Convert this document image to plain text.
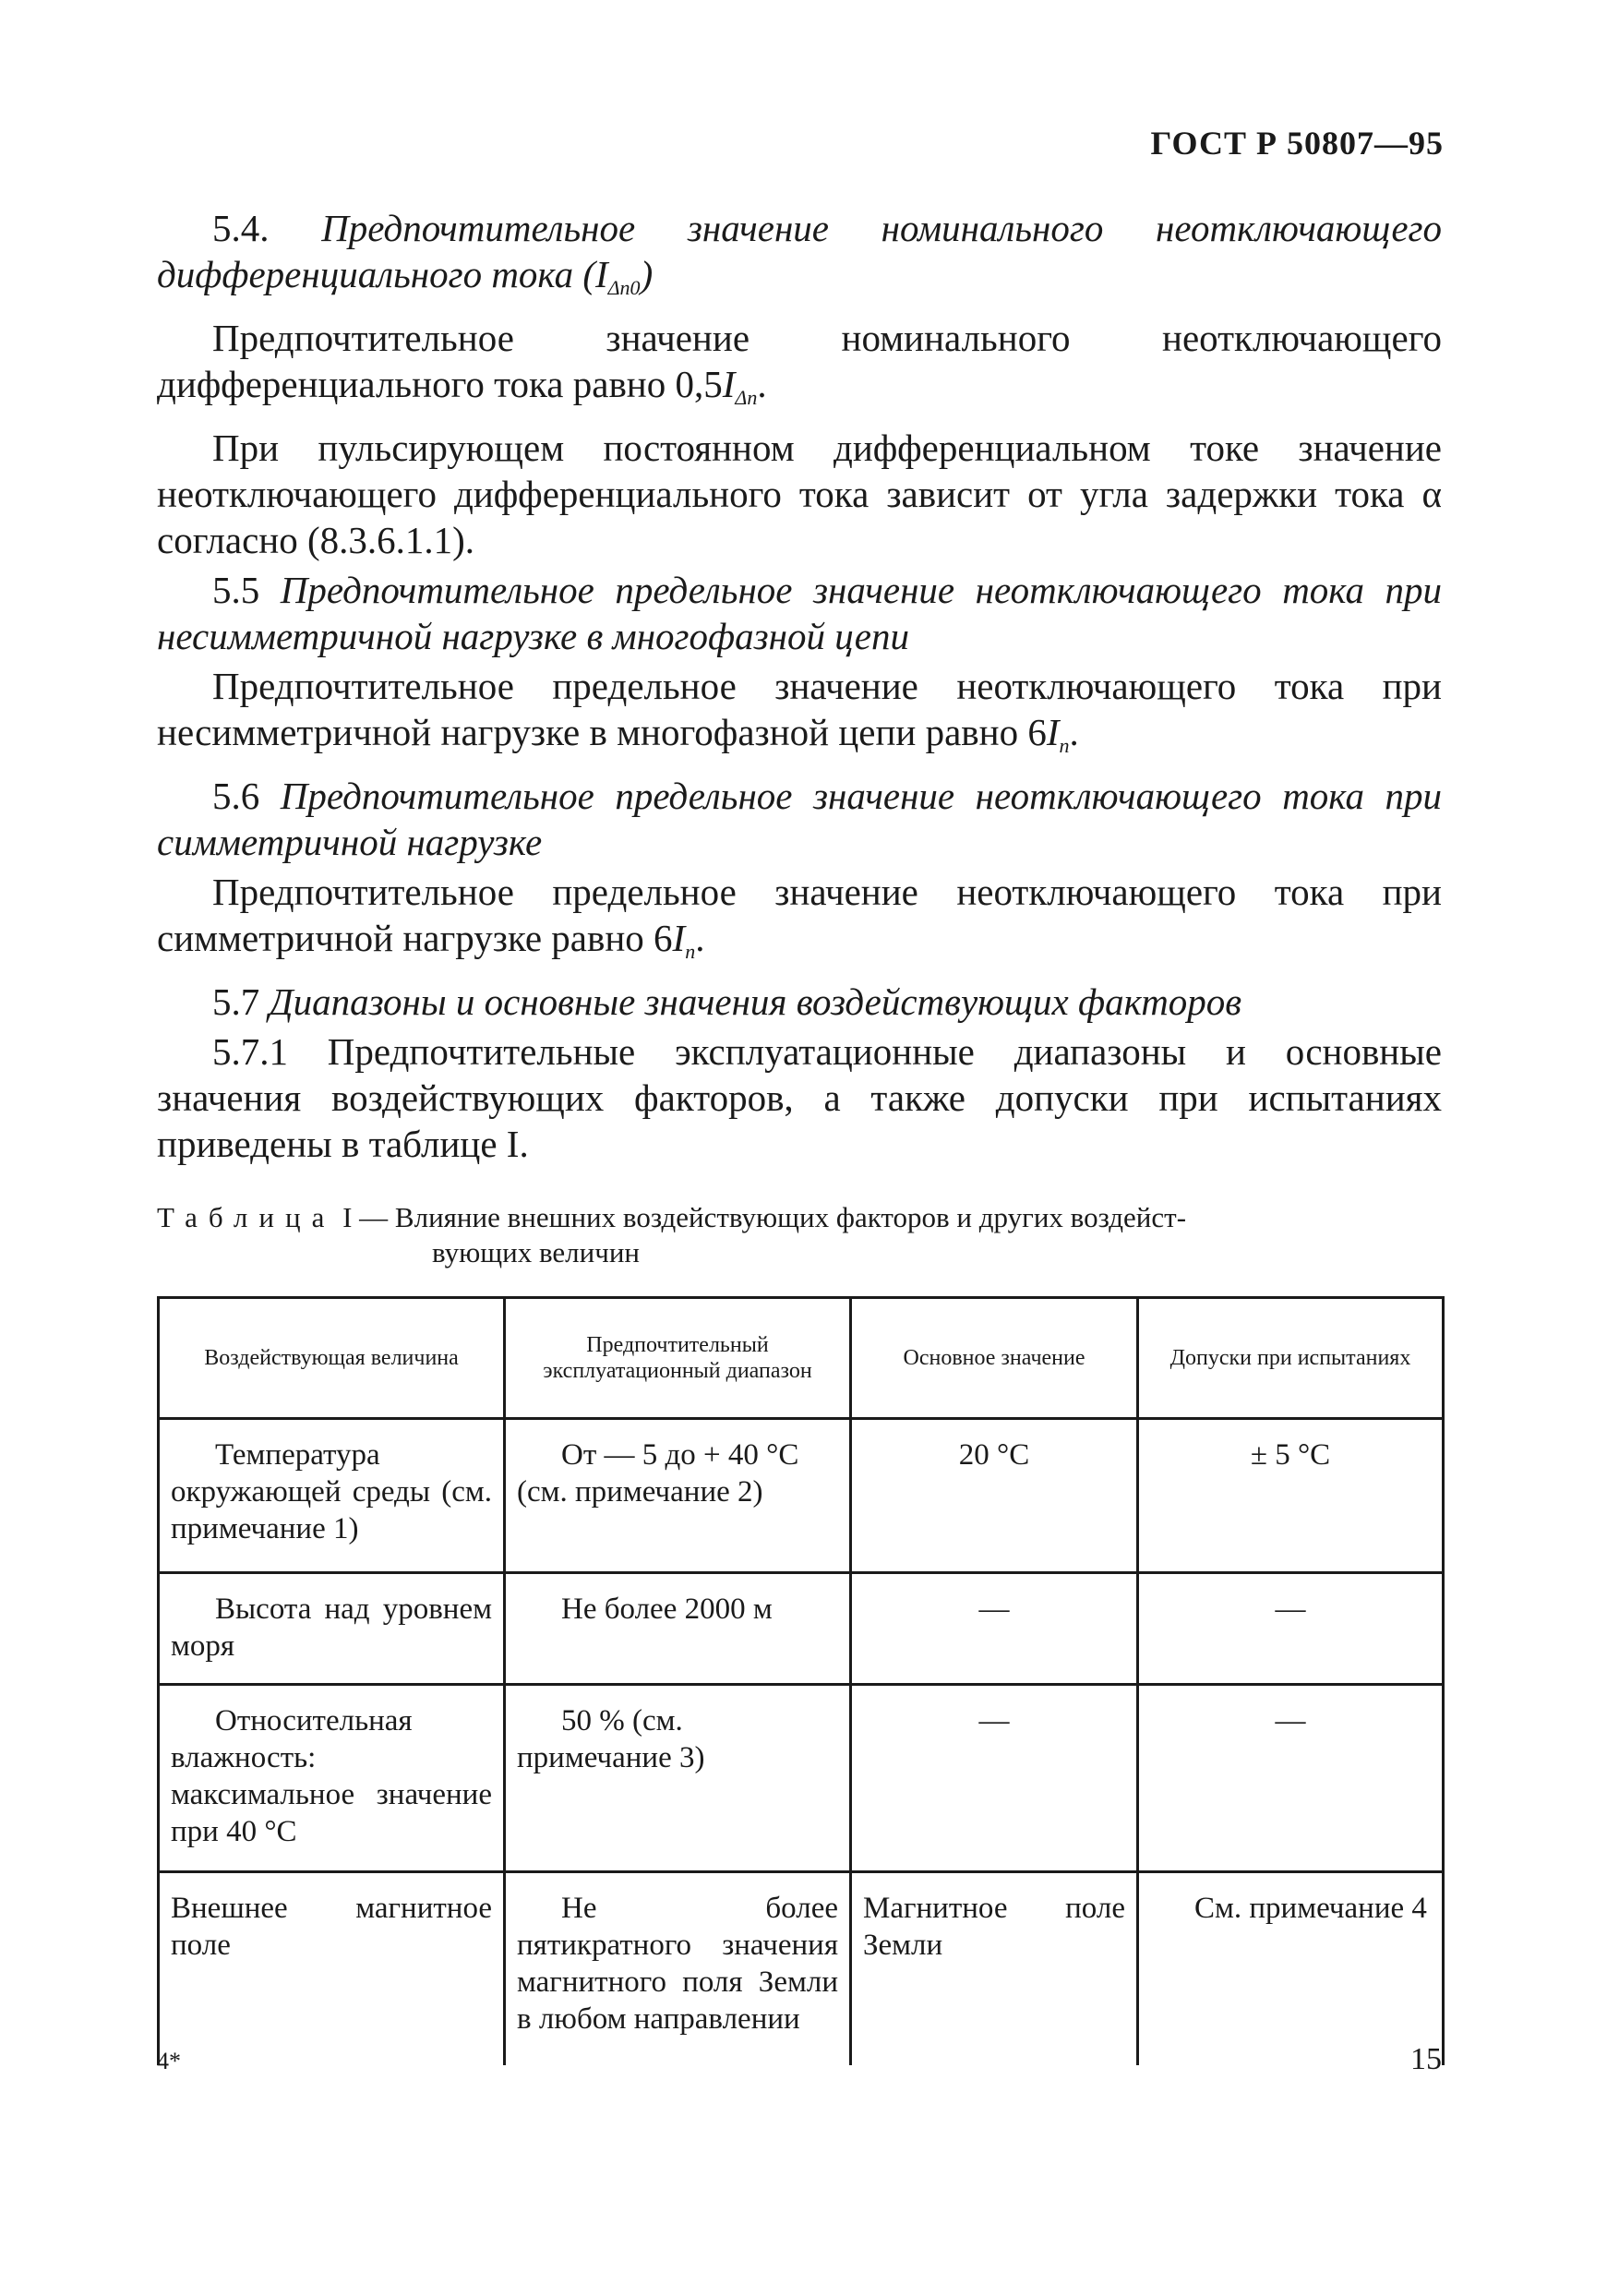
ГОСТ Р 50807—95

5.4. Предпочтительное значение номинального неотключающего дифференциального тока $(I_{\Delta n0})$

Предпочтительное значение номинального неотключающего дифференциального тока равно $0,5I_{\Delta n}$.

При пульсирующем постоянном дифференциальном токе значение неотключающего дифференциального тока зависит от угла задержки тока α согласно (8.3.6.1.1).

5.5 Предпочтительное предельное значение неотключающего тока при несимметричной нагрузке в многофазной цепи

Предпочтительное предельное значение неотключающего тока при несимметричной нагрузке в многофазной цепи равно $6I_n$.

5.6 Предпочтительное предельное значение неотключающего тока при симметричной нагрузке

Предпочтительное предельное значение неотключающего тока при симметричной нагрузке равно $6I_n$.

5.7 Диапазоны и основные значения воздействующих факторов

5.7.1 Предпочтительные эксплуатационные диапазоны и основные значения воздействующих факторов, а также допуски при испытаниях приведены в таблице I.

Таблица I — Влияние внешних воздействующих факторов и других воздейст-
вующих величин
Воздействующая величина	Предпочтительный эксплуатационный диапазон	Основное значение	Допуски при испытаниях
Температура окружающей среды (см. примечание 1)	От — 5 до + 40 °C (см. примечание 2)	20 °C	± 5 °C
Высота над уровнем моря	Не более 2000 м	—	—
Относительная влажность: максимальное значение при 40 °C	50 % (см. примечание 3)	—	—
Внешнее магнитное поле	Не более пятикратного значения магнитного поля Земли в любом направлении	Магнитное поле Земли	См. примечание 4
4*	15
